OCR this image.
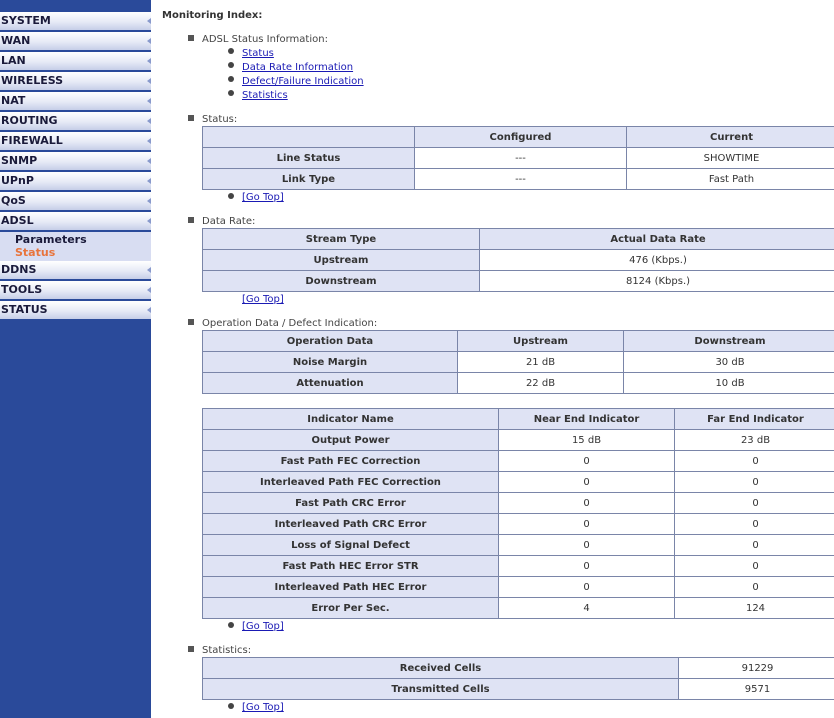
SYSTEM
WAN
LAN
WIRELESS
NAT
ROUTING
FIREWALL
SNMP
UPnP
QoS
ADSL
Parameters
Status
DDNS
TOOLS
STATUS
Monitoring Index:
ADSL Status Information:
Status
Data Rate Information
Defect/Failure Indication
Statistics
Status:
	Configured	Current
Line Status	---	SHOWTIME
Link Type	---	Fast Path
[Go Top]
Data Rate:
Stream Type	Actual Data Rate
Upstream	476 (Kbps.)
Downstream	8124 (Kbps.)
[Go Top]
Operation Data / Defect Indication:
Operation Data	Upstream	Downstream
Noise Margin	21 dB	30 dB
Attenuation	22 dB	10 dB
Indicator Name	Near End Indicator	Far End Indicator
Output Power	15 dB	23 dB
Fast Path FEC Correction	0	0
Interleaved Path FEC Correction	0	0
Fast Path CRC Error	0	0
Interleaved Path CRC Error	0	0
Loss of Signal Defect	0	0
Fast Path HEC Error STR	0	0
Interleaved Path HEC Error	0	0
Error Per Sec.	4	124
[Go Top]
Statistics:
Received Cells	91229
Transmitted Cells	9571
[Go Top]
